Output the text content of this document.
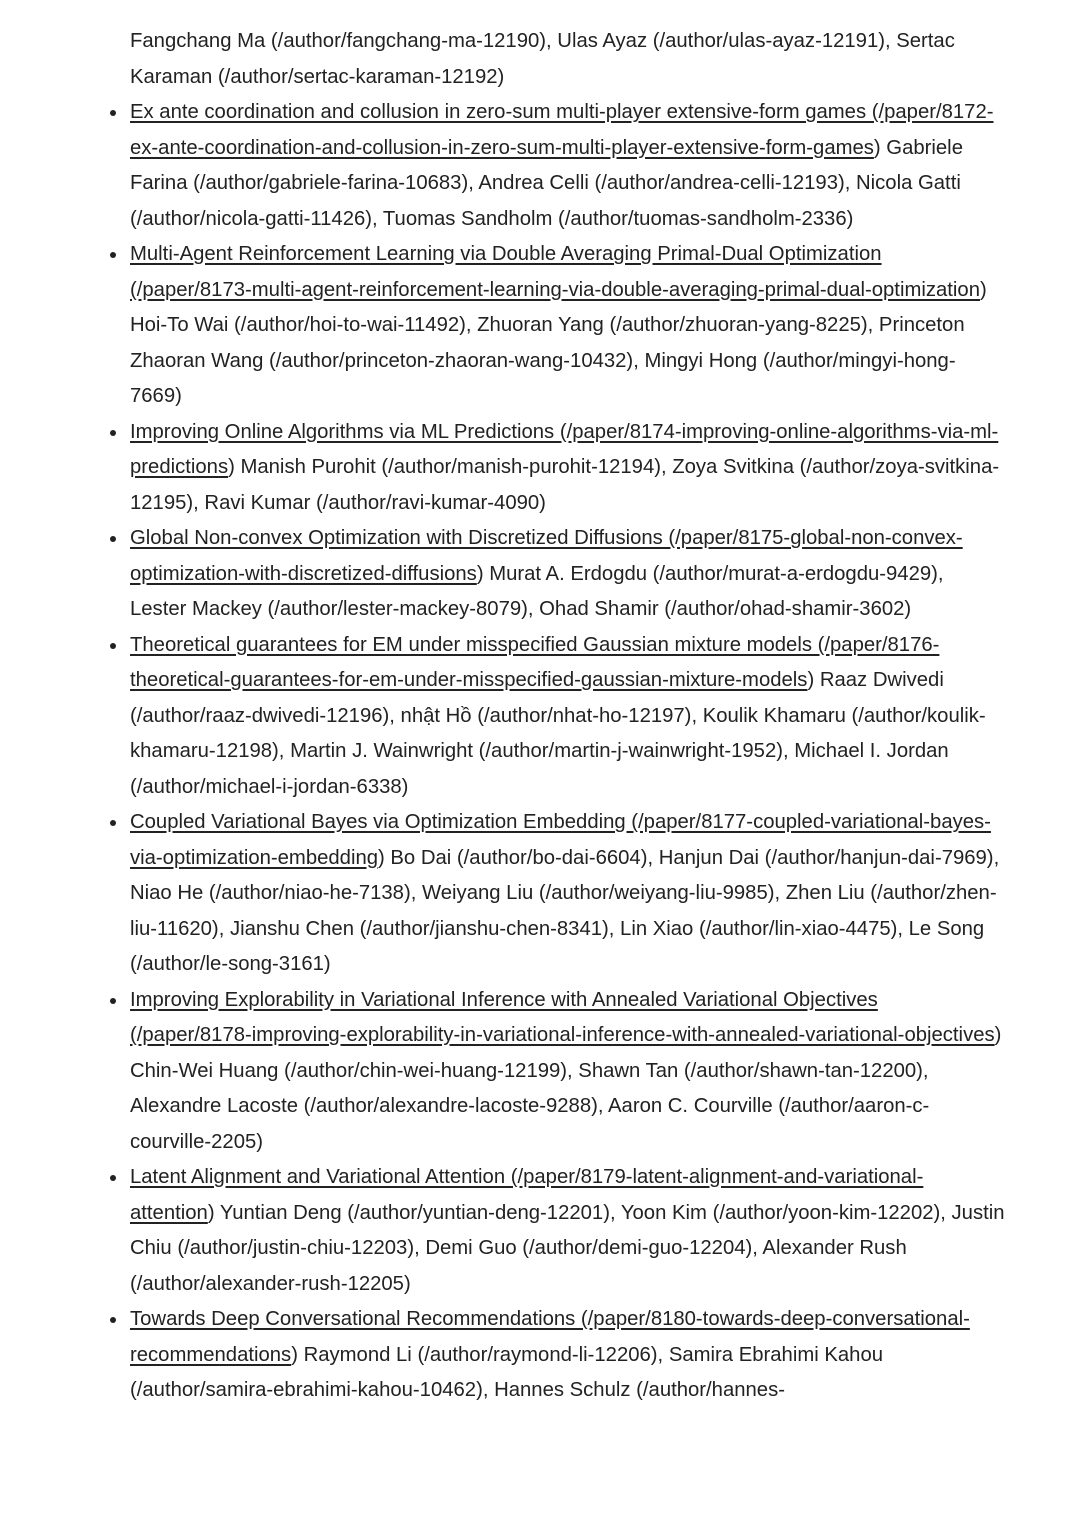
Fangchang Ma (/author/fangchang-ma-12190), Ulas Ayaz (/author/ulas-ayaz-12191), Sertac Karaman (/author/sertac-karaman-12192)

Ex ante coordination and collusion in zero-sum multi-player extensive-form games (/paper/8172-ex-ante-coordination-and-collusion-in-zero-sum-multi-player-extensive-form-games) Gabriele Farina (/author/gabriele-farina-10683), Andrea Celli (/author/andrea-celli-12193), Nicola Gatti (/author/nicola-gatti-11426), Tuomas Sandholm (/author/tuomas-sandholm-2336)
Multi-Agent Reinforcement Learning via Double Averaging Primal-Dual Optimization (/paper/8173-multi-agent-reinforcement-learning-via-double-averaging-primal-dual-optimization) Hoi-To Wai (/author/hoi-to-wai-11492), Zhuoran Yang (/author/zhuoran-yang-8225), Princeton Zhaoran Wang (/author/princeton-zhaoran-wang-10432), Mingyi Hong (/author/mingyi-hong-7669)
Improving Online Algorithms via ML Predictions (/paper/8174-improving-online-algorithms-via-ml-predictions) Manish Purohit (/author/manish-purohit-12194), Zoya Svitkina (/author/zoya-svitkina-12195), Ravi Kumar (/author/ravi-kumar-4090)
Global Non-convex Optimization with Discretized Diffusions (/paper/8175-global-non-convex-optimization-with-discretized-diffusions) Murat A. Erdogdu (/author/murat-a-erdogdu-9429), Lester Mackey (/author/lester-mackey-8079), Ohad Shamir (/author/ohad-shamir-3602)
Theoretical guarantees for EM under misspecified Gaussian mixture models (/paper/8176-theoretical-guarantees-for-em-under-misspecified-gaussian-mixture-models) Raaz Dwivedi (/author/raaz-dwivedi-12196), nhật Hồ (/author/nhat-ho-12197), Koulik Khamaru (/author/koulik-khamaru-12198), Martin J. Wainwright (/author/martin-j-wainwright-1952), Michael I. Jordan (/author/michael-i-jordan-6338)
Coupled Variational Bayes via Optimization Embedding (/paper/8177-coupled-variational-bayes-via-optimization-embedding) Bo Dai (/author/bo-dai-6604), Hanjun Dai (/author/hanjun-dai-7969), Niao He (/author/niao-he-7138), Weiyang Liu (/author/weiyang-liu-9985), Zhen Liu (/author/zhen-liu-11620), Jianshu Chen (/author/jianshu-chen-8341), Lin Xiao (/author/lin-xiao-4475), Le Song (/author/le-song-3161)
Improving Explorability in Variational Inference with Annealed Variational Objectives (/paper/8178-improving-explorability-in-variational-inference-with-annealed-variational-objectives) Chin-Wei Huang (/author/chin-wei-huang-12199), Shawn Tan (/author/shawn-tan-12200), Alexandre Lacoste (/author/alexandre-lacoste-9288), Aaron C. Courville (/author/aaron-c-courville-2205)
Latent Alignment and Variational Attention (/paper/8179-latent-alignment-and-variational-attention) Yuntian Deng (/author/yuntian-deng-12201), Yoon Kim (/author/yoon-kim-12202), Justin Chiu (/author/justin-chiu-12203), Demi Guo (/author/demi-guo-12204), Alexander Rush (/author/alexander-rush-12205)
Towards Deep Conversational Recommendations (/paper/8180-towards-deep-conversational-recommendations) Raymond Li (/author/raymond-li-12206), Samira Ebrahimi Kahou (/author/samira-ebrahimi-kahou-10462), Hannes Schulz (/author/hannes-
